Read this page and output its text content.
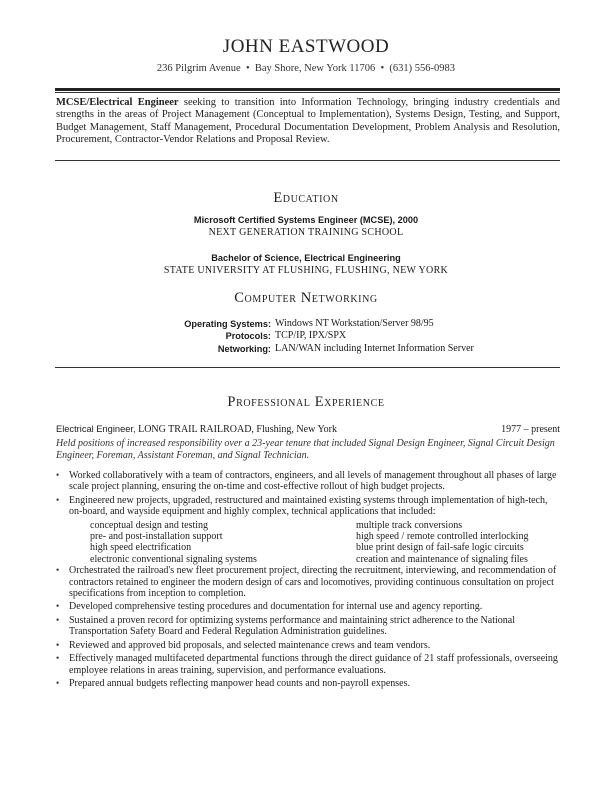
JOHN EASTWOOD
236 Pilgrim Avenue  •  Bay Shore, New York 11706  •  (631) 556-0983
MCSE/Electrical Engineer seeking to transition into Information Technology, bringing industry credentials and strengths in the areas of Project Management (Conceptual to Implementation), Systems Design, Testing, and Support, Budget Management, Staff Management, Procedural Documentation Development, Problem Analysis and Resolution, Procurement, Contractor-Vendor Relations and Proposal Review.
Education
Microsoft Certified Systems Engineer (MCSE), 2000
NEXT GENERATION TRAINING SCHOOL
Bachelor of Science, Electrical Engineering
STATE UNIVERSITY AT FLUSHING, FLUSHING, NEW YORK
Computer Networking
Operating Systems: Windows NT Workstation/Server 98/95
Protocols: TCP/IP, IPX/SPX
Networking: LAN/WAN including Internet Information Server
Professional Experience
Electrical Engineer, LONG TRAIL RAILROAD, Flushing, New York	1977 – present
Held positions of increased responsibility over a 23-year tenure that included Signal Design Engineer, Signal Circuit Design Engineer, Foreman, Assistant Foreman, and Signal Technician.
• Worked collaboratively with a team of contractors, engineers, and all levels of management throughout all phases of large scale project planning, ensuring the on-time and cost-effective rollout of high budget projects.
• Engineered new projects, upgraded, restructured and maintained existing systems through implementation of high-tech, on-board, and wayside equipment and highly complex, technical applications that included:
conceptual design and testing	multiple track conversions
pre- and post-installation support	high speed / remote controlled interlocking
high speed electrification	blue print design of fail-safe logic circuits
electronic conventional signaling systems	creation and maintenance of signaling files
• Orchestrated the railroad's new fleet procurement project, directing the recruitment, interviewing, and recommendation of contractors retained to engineer the modern design of cars and locomotives, providing continuous consultation on project specifications from inception to completion.
• Developed comprehensive testing procedures and documentation for internal use and agency reporting.
• Sustained a proven record for optimizing systems performance and maintaining strict adherence to the National Transportation Safety Board and Federal Regulation Administration guidelines.
• Reviewed and approved bid proposals, and selected maintenance crews and team vendors.
• Effectively managed multifaceted departmental functions through the direct guidance of 21 staff professionals, overseeing employee relations in areas training, supervision, and performance evaluations.
• Prepared annual budgets reflecting manpower head counts and non-payroll expenses.
